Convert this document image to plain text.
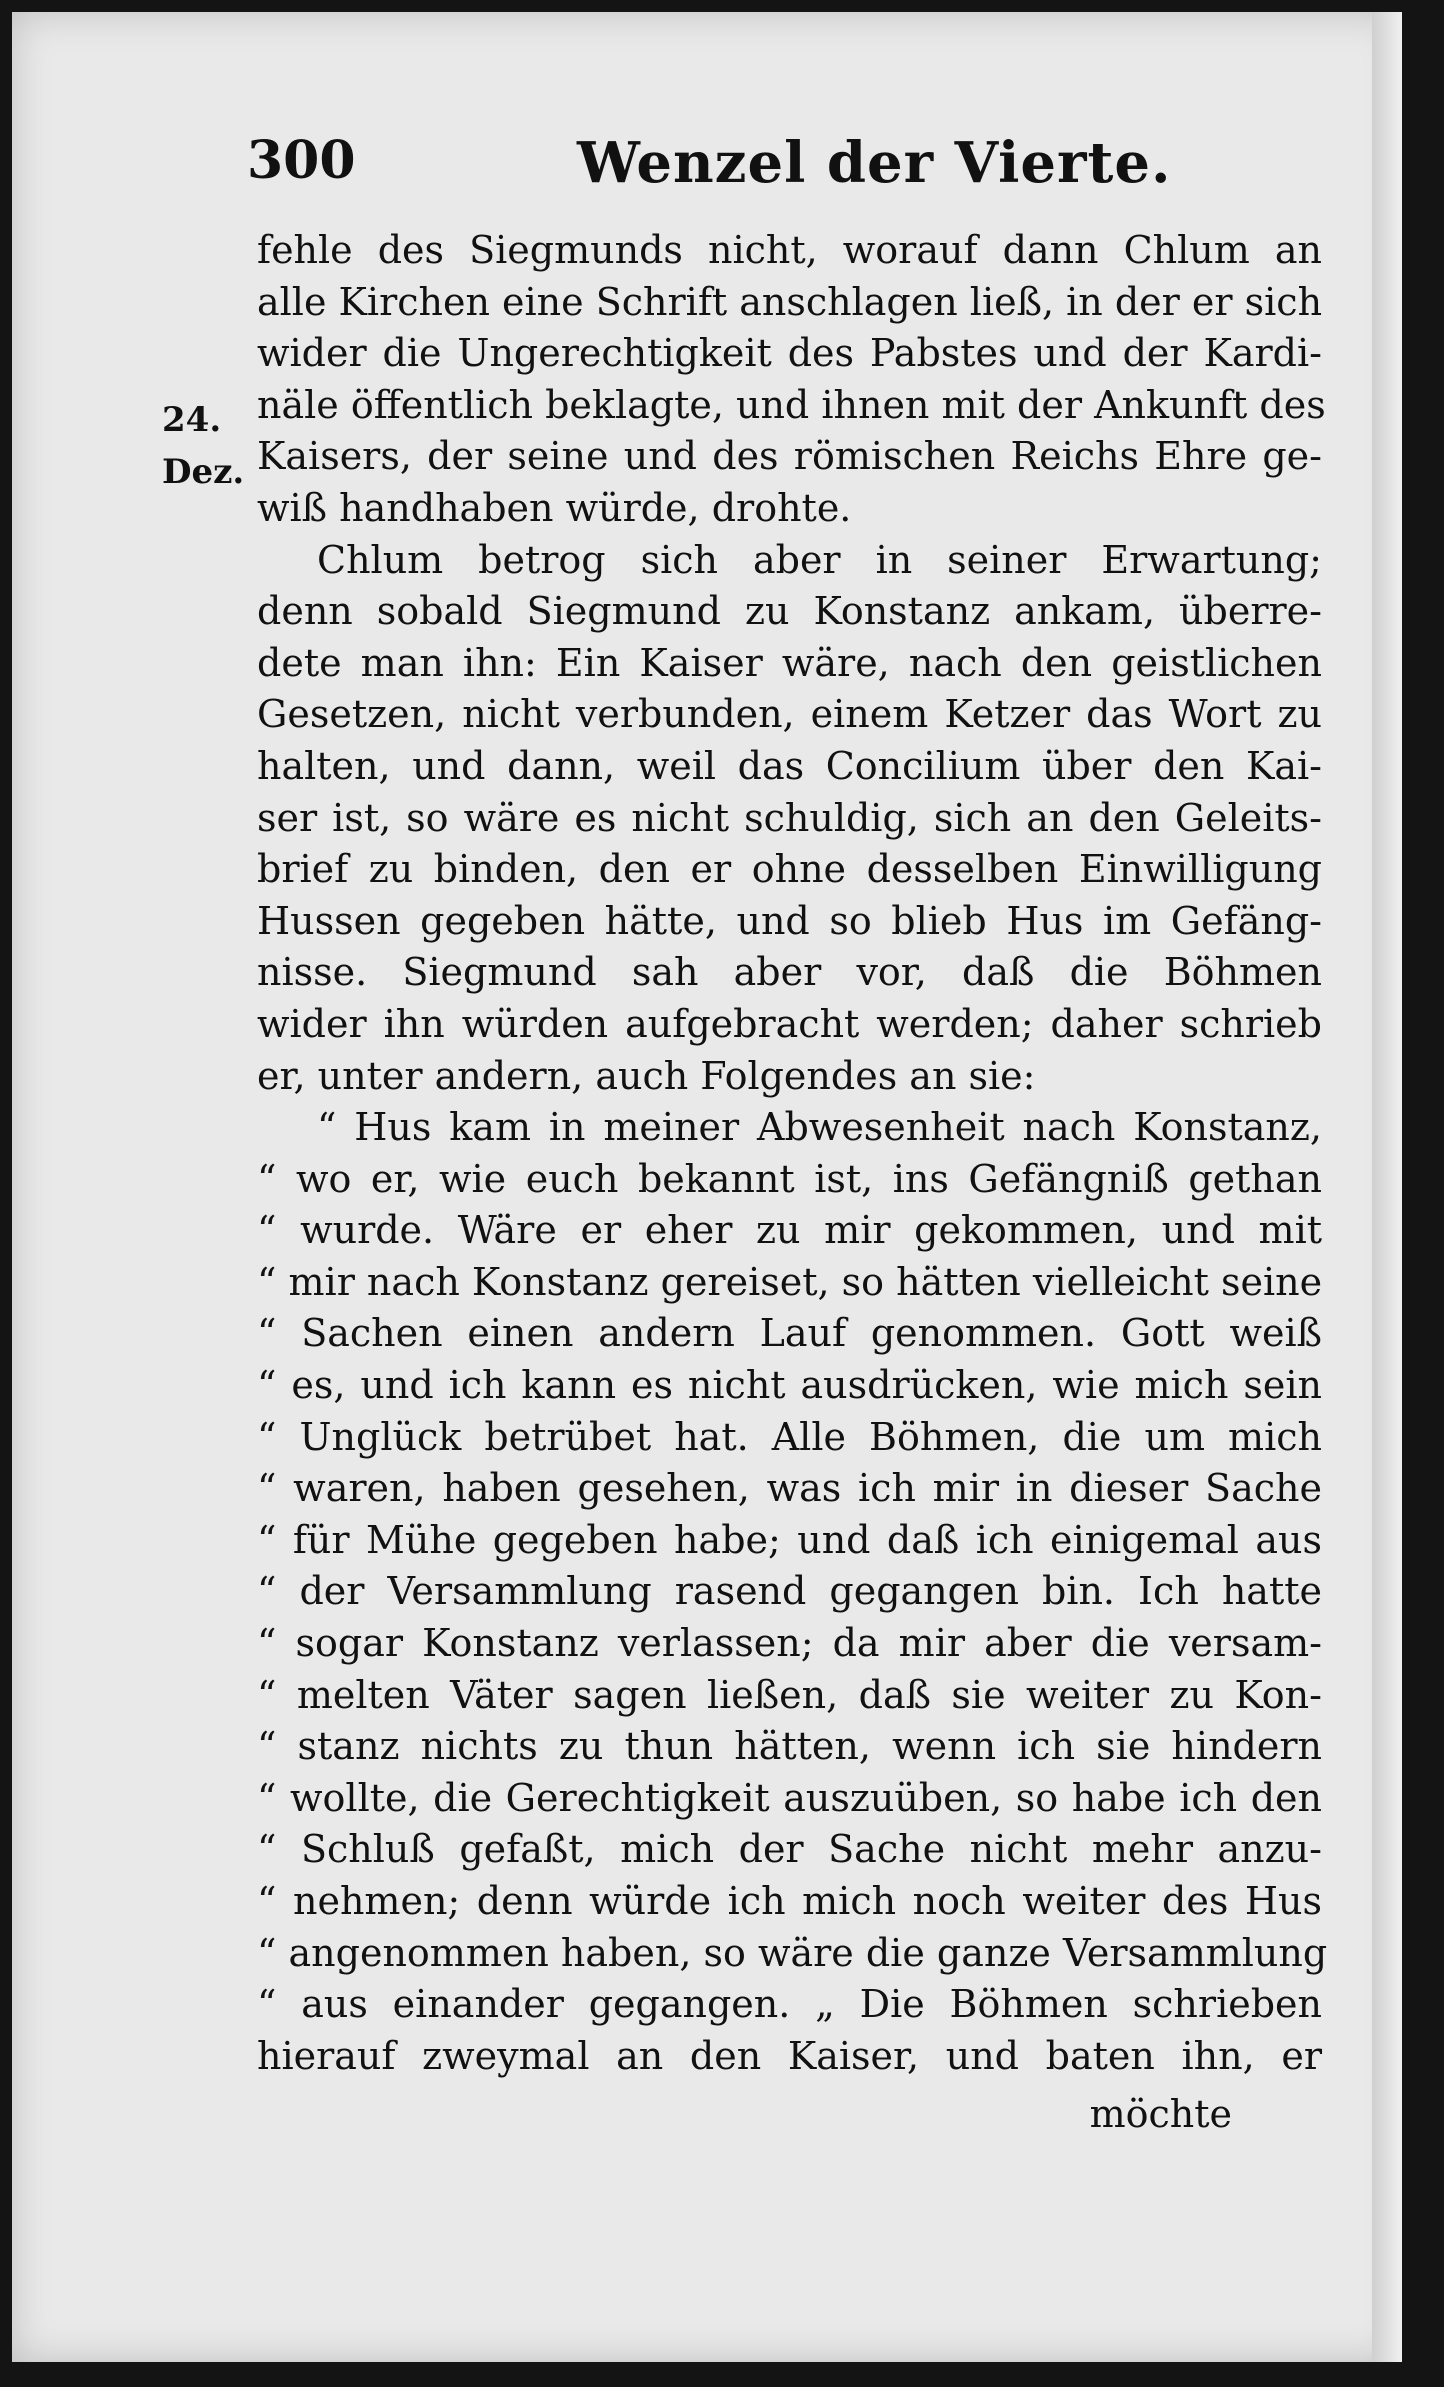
300	Wenzel der Vierte.
24.
Dez.
fehle des Siegmunds nicht, worauf dann Chlum an
alle Kirchen eine Schrift anschlagen ließ, in der er sich
wider die Ungerechtigkeit des Pabstes und der Kardi-
näle öffentlich beklagte, und ihnen mit der Ankunft des
Kaisers, der seine und des römischen Reichs Ehre ge-
wiß handhaben würde, drohte.
Chlum betrog sich aber in seiner Erwartung;
denn sobald Siegmund zu Konstanz ankam, überre-
dete man ihn: Ein Kaiser wäre, nach den geistlichen
Gesetzen, nicht verbunden, einem Ketzer das Wort zu
halten, und dann, weil das Concilium über den Kai-
ser ist, so wäre es nicht schuldig, sich an den Geleits-
brief zu binden, den er ohne desselben Einwilligung
Hussen gegeben hätte, und so blieb Hus im Gefäng-
nisse. Siegmund sah aber vor, daß die Böhmen
wider ihn würden aufgebracht werden; daher schrieb
er, unter andern, auch Folgendes an sie:
“ Hus kam in meiner Abwesenheit nach Konstanz,
“ wo er, wie euch bekannt ist, ins Gefängniß gethan
“ wurde. Wäre er eher zu mir gekommen, und mit
“ mir nach Konstanz gereiset, so hätten vielleicht seine
“ Sachen einen andern Lauf genommen. Gott weiß
“ es, und ich kann es nicht ausdrücken, wie mich sein
“ Unglück betrübet hat. Alle Böhmen, die um mich
“ waren, haben gesehen, was ich mir in dieser Sache
“ für Mühe gegeben habe; und daß ich einigemal aus
“ der Versammlung rasend gegangen bin. Ich hatte
“ sogar Konstanz verlassen; da mir aber die versam-
“ melten Väter sagen ließen, daß sie weiter zu Kon-
“ stanz nichts zu thun hätten, wenn ich sie hindern
“ wollte, die Gerechtigkeit auszuüben, so habe ich den
“ Schluß gefaßt, mich der Sache nicht mehr anzu-
“ nehmen; denn würde ich mich noch weiter des Hus
“ angenommen haben, so wäre die ganze Versammlung
“ aus einander gegangen. „ Die Böhmen schrieben
hierauf zweymal an den Kaiser, und baten ihn, er
möchte
